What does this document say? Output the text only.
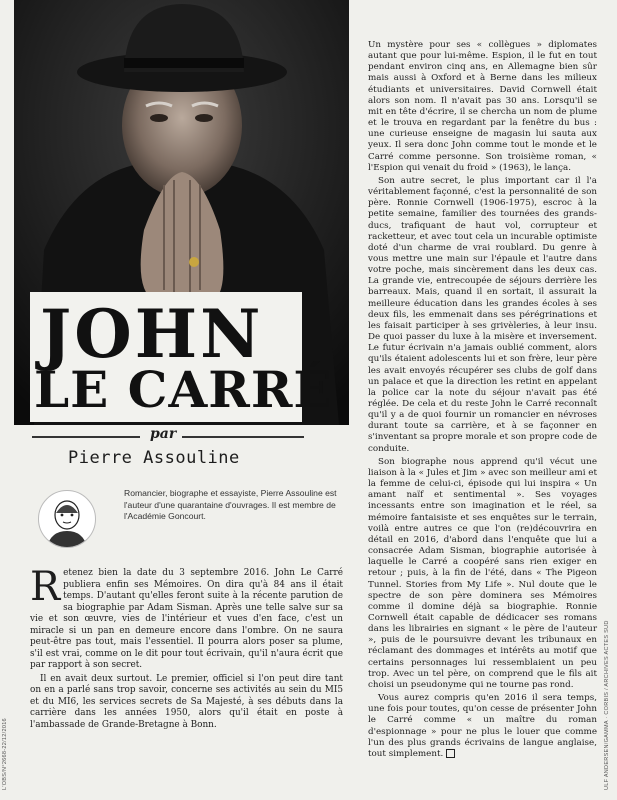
JOHN
LE CARRÉ
par
Pierre Assouline
Romancier, biographe et essayiste, Pierre Assouline est l'auteur d'une quarantaine d'ouvrages. Il est membre de l'Académie Goncourt.

Retenez bien la date du 3 septembre 2016. John Le Carré publiera enfin ses Mémoires. On dira qu'à 84 ans il était temps. D'autant qu'elles feront suite à la récente parution de sa biographie par Adam Sisman. Après une telle salve sur sa vie et son œuvre, vies de l'intérieur et vues d'en face, c'est un miracle si un pan en demeure encore dans l'ombre. On ne saura peut-être pas tout, mais l'essentiel. Il pourra alors poser sa plume, s'il est vrai, comme on le dit pour tout écrivain, qu'il n'aura écrit que par rapport à son secret.

Il en avait deux surtout. Le premier, officiel si l'on peut dire tant on en a parlé sans trop savoir, concerne ses activités au sein du MI5 et du MI6, les services secrets de Sa Majesté, à ses débuts dans la carrière dans les années 1950, alors qu'il était en poste à l'ambassade de Grande-Bretagne à Bonn.

Un mystère pour ses « collègues » diplomates autant que pour lui-même. Espion, il le fut en tout pendant environ cinq ans, en Allemagne bien sûr mais aussi à Oxford et à Berne dans les milieux étudiants et universitaires. David Cornwell était alors son nom. Il n'avait pas 30 ans. Lorsqu'il se mit en tête d'écrire, il se chercha un nom de plume et le trouva en regardant par la fenêtre du bus : une curieuse enseigne de magasin lui sauta aux yeux. Il sera donc John comme tout le monde et le Carré comme personne. Son troisième roman, « l'Espion qui venait du froid » (1963), le lança.

Son autre secret, le plus important car il l'a véritablement façonné, c'est la personnalité de son père. Ronnie Cornwell (1906-1975), escroc à la petite semaine, familier des tournées des grands-ducs, trafiquant de haut vol, corrupteur et racketteur, et avec tout cela un incurable optimiste doté d'un charme de vrai roublard. Du genre à vous mettre une main sur l'épaule et l'autre dans votre poche, mais sincèrement dans les deux cas. La grande vie, entrecoupée de séjours derrière les barreaux. Mais, quand il en sortait, il assurait la meilleure éducation dans les grandes écoles à ses deux fils, les emmenait dans ses pérégrinations et les faisait participer à ses grivèleries, à leur insu. De quoi passer du luxe à la misère et inversement. Le futur écrivain n'a jamais oublié comment, alors qu'ils étaient adolescents lui et son frère, leur père les avait envoyés récupérer ses clubs de golf dans un palace et que la direction les retint en appelant la police car la note du séjour n'avait pas été réglée. De cela et du reste John le Carré reconnaît qu'il y a de quoi fournir un romancier en névroses durant toute sa carrière, et à se façonner en s'inventant sa propre morale et son propre code de conduite.

Son biographe nous apprend qu'il vécut une liaison à la « Jules et Jim » avec son meilleur ami et la femme de celui-ci, épisode qui lui inspira « Un amant naïf et sentimental ». Ses voyages incessants entre son imagination et le réel, sa mémoire fantaisiste et ses enquêtes sur le terrain, voilà entre autres ce que l'on (re)découvrira en détail en 2016, d'abord dans l'enquête que lui a consacrée Adam Sisman, biographie autorisée à laquelle le Carré a coopéré sans rien exiger en retour ; puis, à la fin de l'été, dans « The Pigeon Tunnel. Stories from My Life ». Nul doute que le spectre de son père dominera ses Mémoires comme il domine déjà sa biographie. Ronnie Cornwell était capable de dédicacer ses romans dans les librairies en signant « le père de l'auteur », puis de le poursuivre devant les tribunaux en réclamant des dommages et intérêts au motif que certains personnages lui ressemblaient un peu trop. Avec un tel père, on comprend que le fils ait choisi un pseudonyme qui ne tourne pas rond.

Vous aurez compris qu'en 2016 il sera temps, une fois pour toutes, qu'on cesse de présenter John le Carré comme « un maître du roman d'espionnage » pour ne plus le louer que comme l'un des plus grands écrivains de langue anglaise, tout simplement.

L'OBS/N°2668-22/12/2016	ULF ANDERSEN/GAMMA · CORBIS / ARCHIVES ACTES SUD
